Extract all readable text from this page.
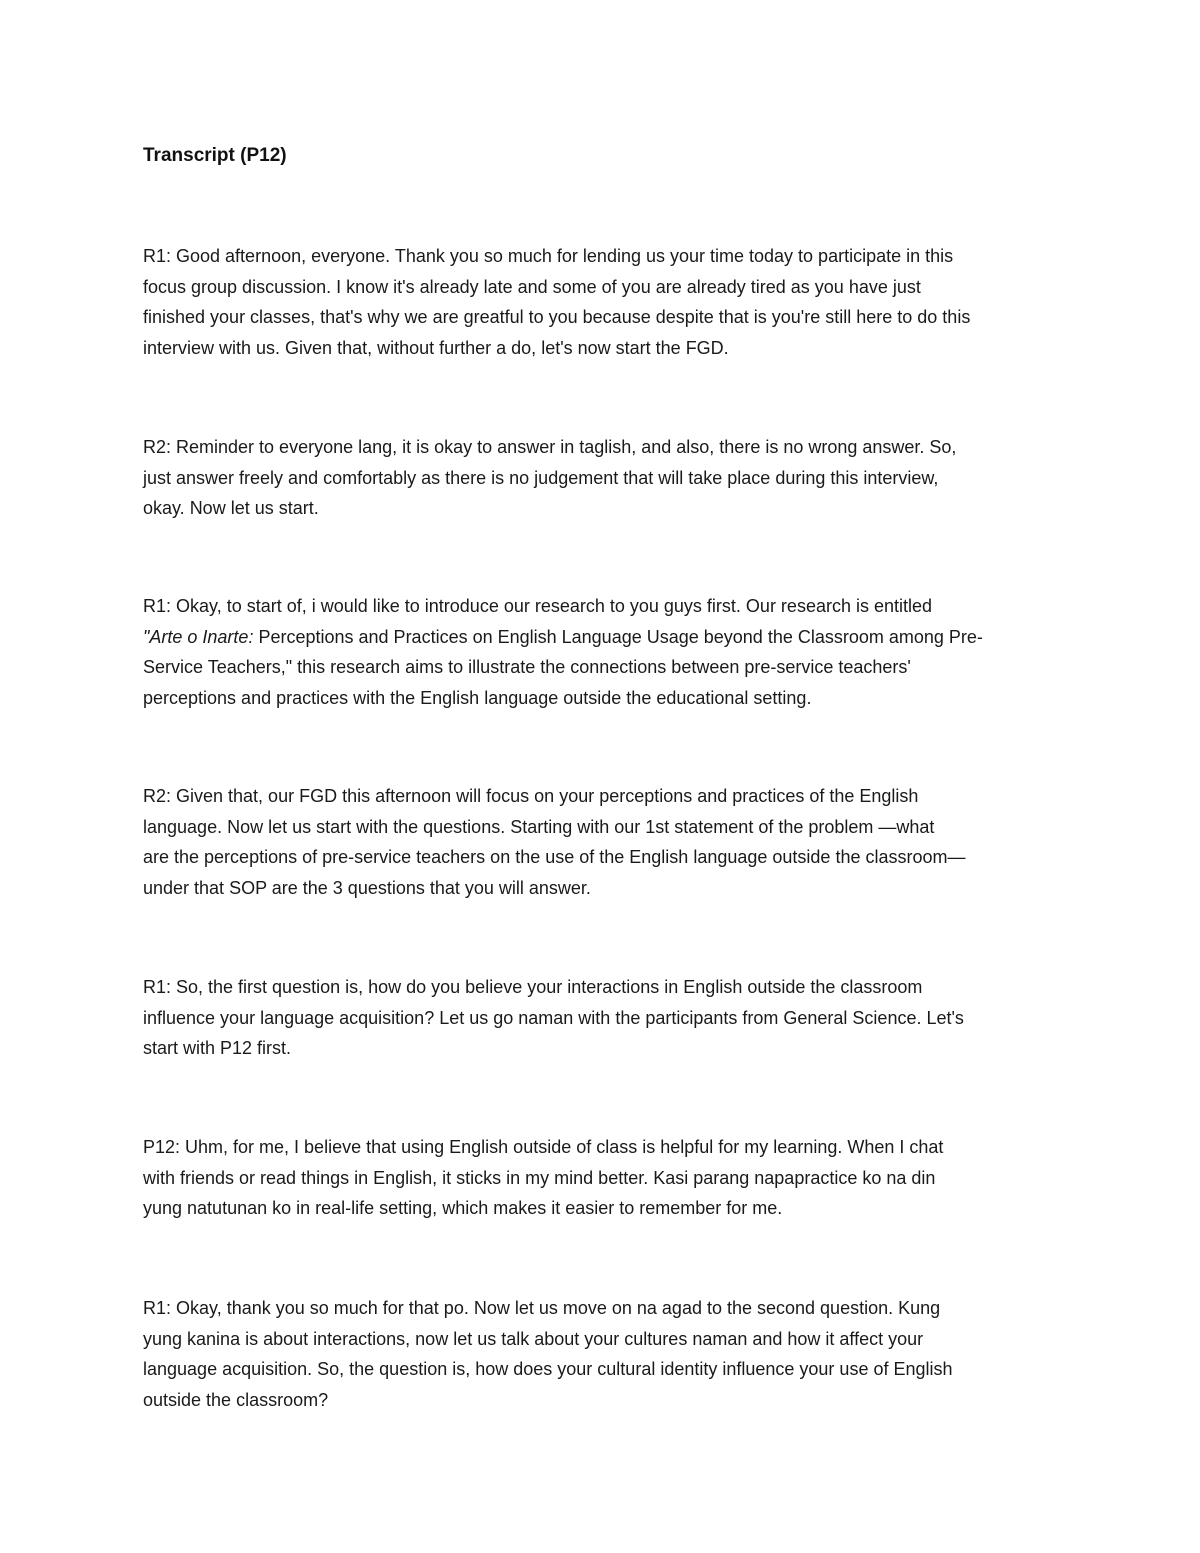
Transcript (P12)
R1: Good afternoon, everyone. Thank you so much for lending us your time today to participate in this
focus group discussion. I know it's already late and some of you are already tired as you have just
finished your classes, that's why we are greatful to you because despite that is you're still here to do this
interview with us. Given that, without further a do, let's now start the FGD.
R2: Reminder to everyone lang, it is okay to answer in taglish, and also, there is no wrong answer. So,
just answer freely and comfortably as there is no judgement that will take place during this interview,
okay. Now let us start.
R1: Okay, to start of, i would like to introduce our research to you guys first. Our research is entitled
"Arte o Inarte: Perceptions and Practices on English Language Usage beyond the Classroom among Pre-
Service Teachers," this research aims to illustrate the connections between pre-service teachers'
perceptions and practices with the English language outside the educational setting.
R2: Given that, our FGD this afternoon will focus on your perceptions and practices of the English
language. Now let us start with the questions. Starting with our 1st statement of the problem —what
are the perceptions of pre-service teachers on the use of the English language outside the classroom—
under that SOP are the 3 questions that you will answer.
R1: So, the first question is, how do you believe your interactions in English outside the classroom
influence your language acquisition? Let us go naman with the participants from General Science. Let's
start with P12 first.
P12: Uhm, for me, I believe that using English outside of class is helpful for my learning. When I chat
with friends or read things in English, it sticks in my mind better. Kasi parang napapractice ko na din
yung natutunan ko in real-life setting, which makes it easier to remember for me.
R1: Okay, thank you so much for that po. Now let us move on na agad to the second question. Kung
yung kanina is about interactions, now let us talk about your cultures naman and how it affect your
language acquisition. So, the question is, how does your cultural identity influence your use of English
outside the classroom?
